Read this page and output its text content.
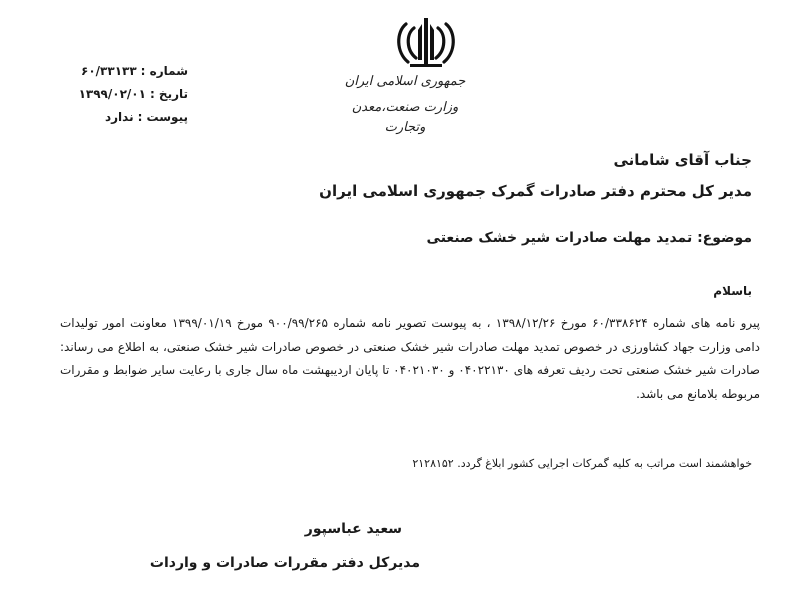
جمهوری اسلامی ایران
وزارت صنعت،معدن وتجارت
شماره :
۶۰/۳۳۱۳۳
تاریخ :
۱۳۹۹/۰۲/۰۱
پیوست :
ندارد
جناب آقای شامانی
مدیر کل محترم دفتر صادرات گمرک جمهوری اسلامی ایران
موضوع: تمدید مهلت صادرات شیر خشک صنعتی
باسلام

پیرو نامه های شماره ۶۰/۳۳۸۶۲۴ مورخ ۱۳۹۸/۱۲/۲۶ ، به پیوست تصویر نامه شماره ۹۰۰/۹۹/۲۶۵ مورخ ۱۳۹۹/۰۱/۱۹ معاونت امور تولیدات دامی وزارت جهاد کشاورزی در خصوص تمدید مهلت صادرات شیر خشک صنعتی در خصوص صادرات شیر خشک صنعتی، به اطلاع می رساند: صادرات شیر خشک صنعتی تحت ردیف تعرفه های ۰۴۰۲۲۱۳۰ و ۰۴۰۲۱۰۳۰ تا پایان اردیبهشت ماه سال جاری با رعایت سایر ضوابط و مقررات مربوطه بلامانع می باشد.

خواهشمند است مراتب به کلیه گمرکات اجرایی کشور ابلاغ گردد. ۲۱۲۸۱۵۲
سعید عباسپور
مدیرکل دفتر مقررات صادرات و واردات
